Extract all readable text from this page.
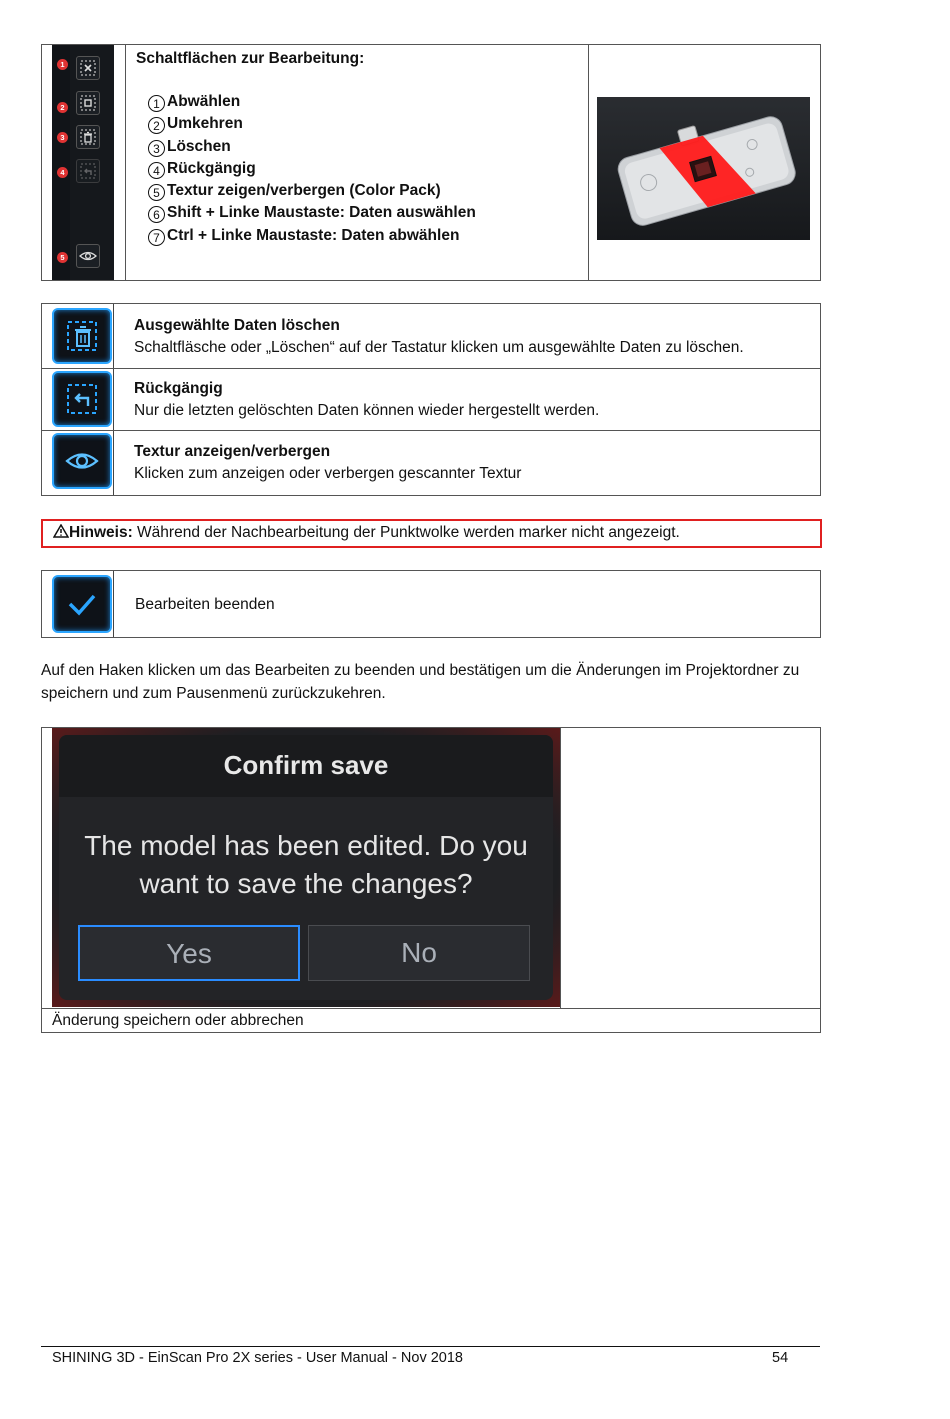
1
2
3
4
5
Schaltflächen zur Bearbeitung:
1 Abwählen
2 Umkehren
3 Löschen
4 Rückgängig
5 Textur zeigen/verbergen (Color Pack)
6 Shift + Linke Maustaste: Daten auswählen
7 Ctrl + Linke Maustaste: Daten abwählen
Ausgewählte Daten löschen
Schaltfläsche oder „Löschen“ auf der Tastatur klicken um ausgewählte Daten zu löschen.
Rückgängig
Nur die letzten gelöschten Daten können wieder hergestellt werden.
Textur anzeigen/verbergen
Klicken zum anzeigen oder verbergen gescannter Textur
Hinweis: Während der Nachbearbeitung der Punktwolke werden marker nicht angezeigt.
Bearbeiten beenden
Auf den Haken klicken um das Bearbeiten zu beenden und bestätigen um die Änderungen im Projektordner zu
speichern und zum Pausenmenü zurückzukehren.
Confirm save
The model has been edited. Do you
want to save the changes?
Yes	No
Änderung speichern oder abbrechen
SHINING 3D - EinScan Pro 2X series - User Manual - Nov 2018	54
